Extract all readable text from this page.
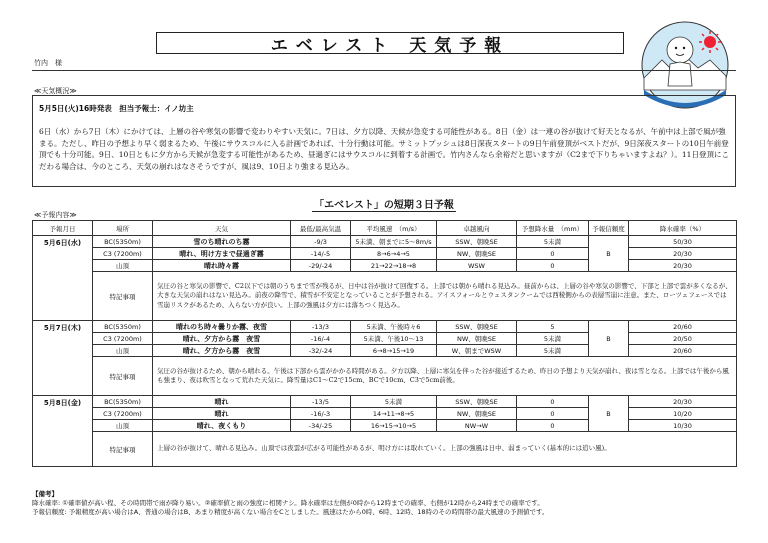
エベレスト 天気予報
竹内　様
≪天気概況≫
5月5日(火)16時発表　担当予報士：イノ坊主
6日（水）から7日（木）にかけては、上層の谷や寒気の影響で変わりやすい天気に。7日は、夕方以降、天候が急変する可能性がある。8日（金）は一連の谷が抜けて好天となるが、午前中は上部で風が強まる。ただし、昨日の予想より早く弱まるため、午後にサウスコルに入る計画であれば、十分行動は可能。サミットプッシュは8日深夜スタートの9日午前登頂がベストだが、9日深夜スタートの10日午前登頂でも十分可能。9日、10日ともに夕方から天候が急変する可能性があるため、昼過ぎにはサウスコルに到着する計画で。竹内さんなら余裕だと思いますが（C2まで下りちゃいますよね？）。11日登頂にこだわる場合は、今のところ、天気の崩れはなさそうですが、風は9、10日より強まる見込み。
「エベレスト」の短期３日予報
≪予報内容≫
予報月日	場所	天気	最低/最高気温	平均風速　（m/s）	卓越風向	予想降水量　（mm）	予報信頼度	降水確率（%）
5月6日(水)	BC(5350m)	雪のち晴れのち霧	-9/3	5未満、朝までに5〜8m/s	SSW、朝晩SE	5未満	B	50/30
	C3 (7200m)	晴れ、明け方まで昼過ぎ霧	-14/-5	8→6→4→5	NW、朝晩SE	0		20/30
	山頂	晴れ時々霧	-29/-24	21→22→18→8	WSW	0		20/30
	特記事項	気圧の谷と寒気の影響で、C2以下では朝のうちまで雪が残るが、日中は谷が抜けて回復する。上部では朝から晴れる見込み。昼前からは、上層の谷や寒気の影響で、下部と上部で雲が多くなるが、大きな天気の崩れはない見込み。前夜の降雪で、積雪が不安定となっていることが予想される。アイスフォールとウェスタンクームでは西稜側からの表層雪崩に注意。また、ローツェフェースでは雪崩リスクがあるため、入らない方が良い。上部の強風は夕方には落ちつく見込み。						
5月7日(木)	BC(5350m)	晴れのち時々曇りか霧、夜雪	-13/3	5未満、午後時々6	SSW、朝晩SE	5	B	20/60
	C3 (7200m)	晴れ、夕方から霧　夜雪	-16/-4	5未満、午後10〜13	NW、朝晩SE	5未満		20/50
	山頂	晴れ、夕方から霧　夜雪	-32/-24	6→8→15→19	W、朝までWSW	5未満		20/60
	特記事項	気圧の谷が抜けるため、朝から晴れる。午後は下部から雲がかかる時間がある。夕方以降、上層に寒気を伴った谷が接近するため、昨日の予想より天気が崩れ、夜は雪となる。上部では午後から風も強まり、夜は吹雪となって荒れた天気に。降雪量はC1〜C2で15cm、BCで10cm、C3で5cm前後。						
5月8日(金)	BC(5350m)	晴れ	-13/5	5未満	SSW、朝晩SE	0	B	20/30
	C3 (7200m)	晴れ	-16/-3	14→11→8→5	NW、朝晩SE	0		10/20
	山頂	晴れ、夜くもり	-34/-25	16→15→10→5	NW→W	0		10/30
	特記事項	上層の谷が抜けて、晴れる見込み。山頂では夜雲が広がる可能性があるが、明け方には取れていく。上部の強風は日中、弱まっていく(基本的には追い風)。						
【備考】
降水確率: ①確率値が高い程、その時間帯で雨が降り易い。②確率値と雨の強度に相関ナシ。降水確率は左側が0時から12時までの確率、右側が12時から24時までの確率です。
予報信頼度: 予報精度が高い場合はA、普通の場合はB、あまり精度が高くない場合をCとしました。風速はたから0時、6時、12時、18時のその時間帯の最大風速の予測値です。
